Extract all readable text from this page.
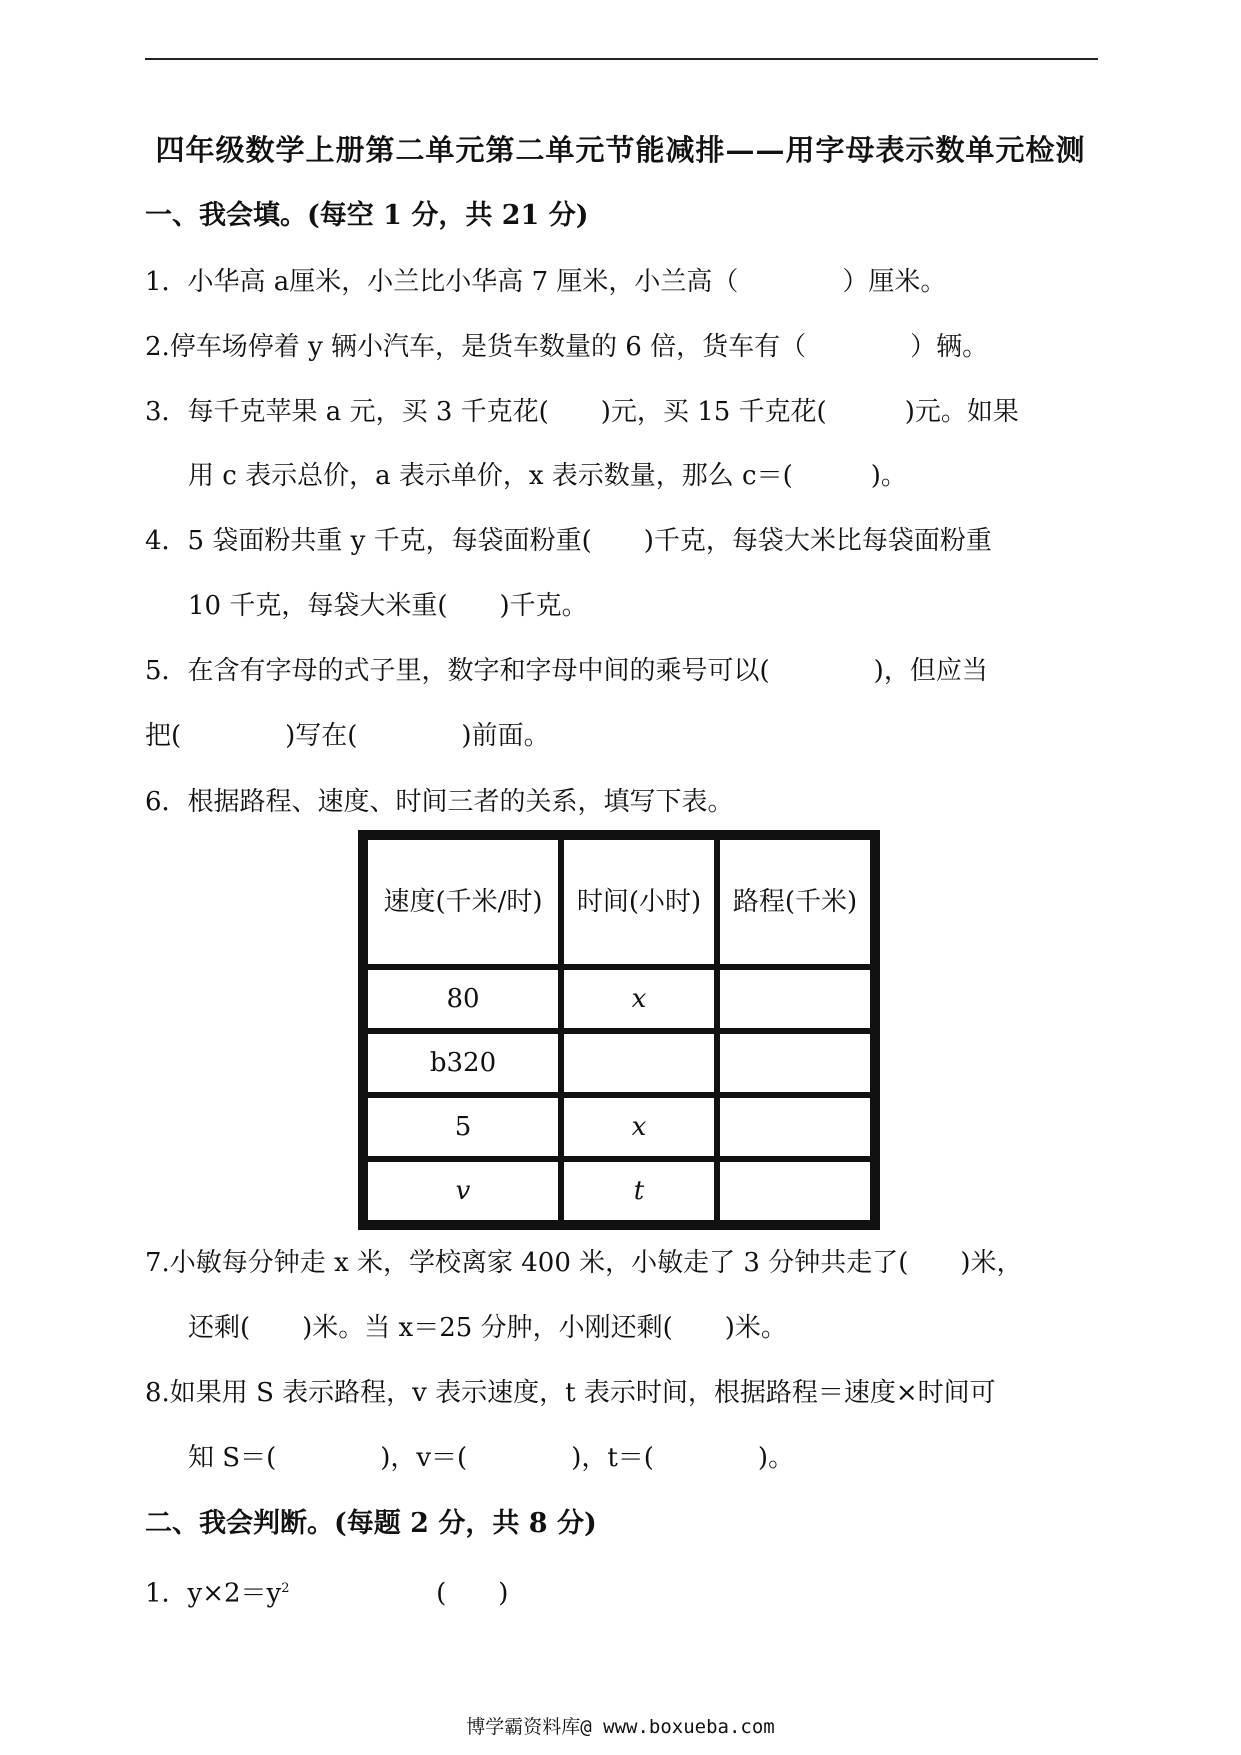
四年级数学上册第二单元第二单元节能减排——用字母表示数单元检测
一、我会填。(每空 1 分，共 21 分)
1．小华高 a厘米，小兰比小华高 7 厘米，小兰高（　　　　）厘米。
2.停车场停着 y 辆小汽车，是货车数量的 6 倍，货车有（　　　　）辆。
3．每千克苹果 a 元，买 3 千克花(　　)元，买 15 千克花(　　　)元。如果
用 c 表示总价，a 表示单价，x 表示数量，那么 c＝(　　　)。
4．5 袋面粉共重 y 千克，每袋面粉重(　　)千克，每袋大米比每袋面粉重
10 千克，每袋大米重(　　)千克。
5．在含有字母的式子里，数字和字母中间的乘号可以(　　　　)，但应当
把(　　　　)写在(　　　　)前面。
6．根据路程、速度、时间三者的关系，填写下表。
速度(千米/时)	时间(小时)	路程(千米)
80	x	
b320		
5	x	
v	t	
7.小敏每分钟走 x 米，学校离家 400 米，小敏走了 3 分钟共走了(　　)米，
还剩(　　)米。当 x＝25 分肿，小刚还剩(　　)米。
8.如果用 S 表示路程，v 表示速度，t 表示时间，根据路程＝速度×时间可
知 S＝(　　　　)，v＝(　　　　)，t＝(　　　　)。
二、我会判断。(每题 2 分，共 8 分)
1．$y\times 2=y^2$	(　　)
博学霸资料库@ www.boxueba.com
